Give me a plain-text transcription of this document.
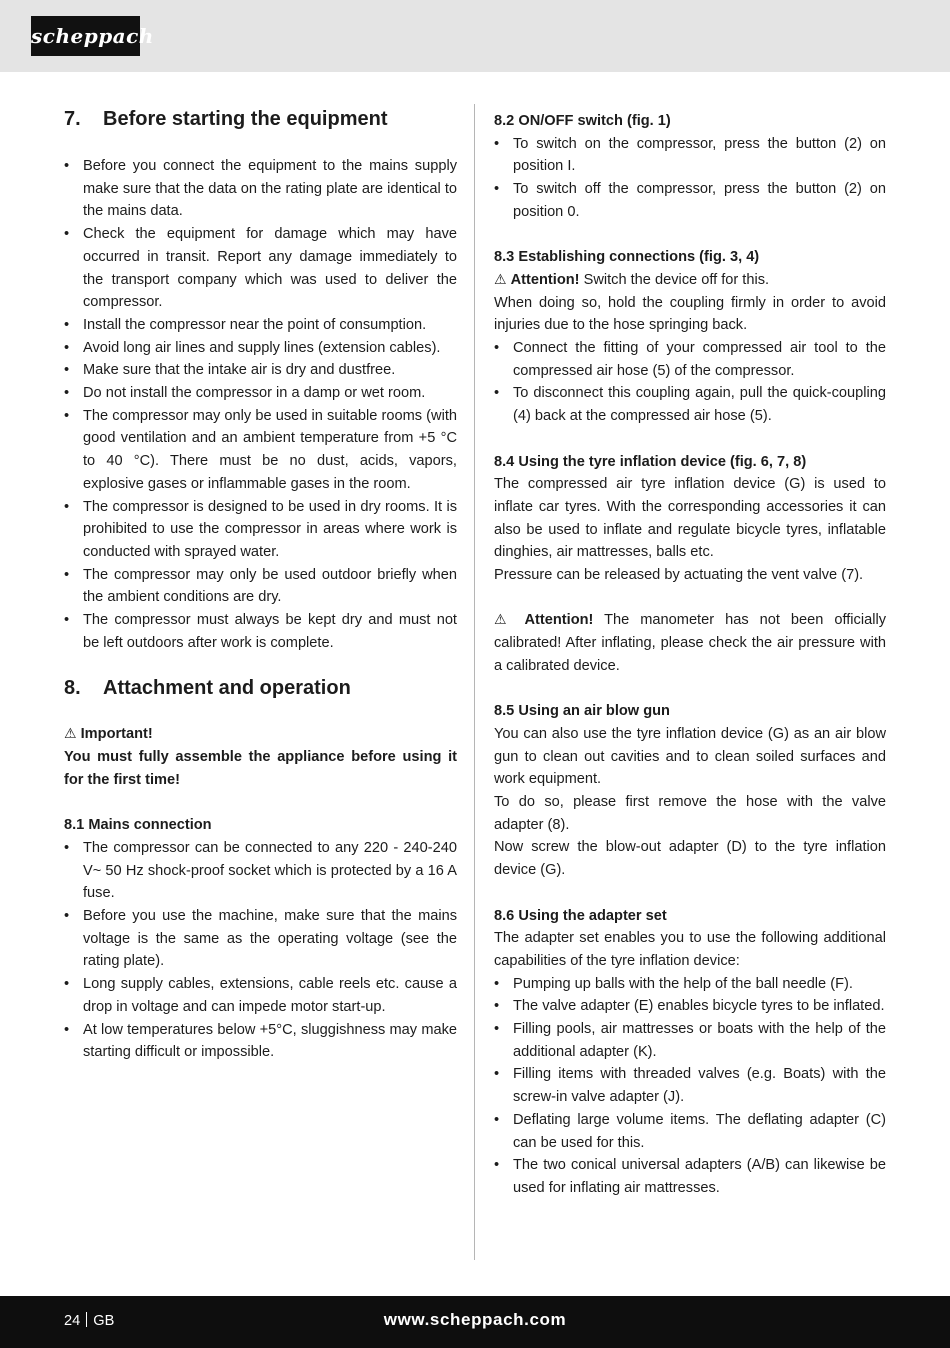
scheppach
7. Before starting the equipment
• Before you connect the equipment to the mains supply make sure that the data on the rating plate are identical to the mains data.
• Check the equipment for damage which may have occurred in transit. Report any damage immediately to the transport company which was used to deliver the compressor.
• Install the compressor near the point of consumption.
• Avoid long air lines and supply lines (extension cables).
• Make sure that the intake air is dry and dustfree.
• Do not install the compressor in a damp or wet room.
• The compressor may only be used in suitable rooms (with good ventilation and an ambient temperature from +5 °C to 40 °C). There must be no dust, acids, vapors, explosive gases or inflammable gases in the room.
• The compressor is designed to be used in dry rooms. It is prohibited to use the compressor in areas where work is conducted with sprayed water.
• The compressor may only be used outdoor briefly when the ambient conditions are dry.
• The compressor must always be kept dry and must not be left outdoors after work is complete.
8. Attachment and operation
⚠ Important!
You must fully assemble the appliance before using it for the first time!
8.1 Mains connection
• The compressor can be connected to any 220 - 240-240 V~ 50 Hz shock-proof socket which is protected by a 16 A fuse.
• Before you use the machine, make sure that the mains voltage is the same as the operating voltage (see the rating plate).
• Long supply cables, extensions, cable reels etc. cause a drop in voltage and can impede motor start-up.
• At low temperatures below +5°C, sluggishness may make starting difficult or impossible.
8.2 ON/OFF switch (fig. 1)
• To switch on the compressor, press the button (2) on position I.
• To switch off the compressor, press the button (2) on position 0.
8.3 Establishing connections (fig. 3, 4)
⚠ Attention! Switch the device off for this.
When doing so, hold the coupling firmly in order to avoid injuries due to the hose springing back.
• Connect the fitting of your compressed air tool to the compressed air hose (5) of the compressor.
• To disconnect this coupling again, pull the quick-coupling (4) back at the compressed air hose (5).
8.4 Using the tyre inflation device (fig. 6, 7, 8)
The compressed air tyre inflation device (G) is used to inflate car tyres. With the corresponding accessories it can also be used to inflate and regulate bicycle tyres, inflatable dinghies, air mattresses, balls etc.
Pressure can be released by actuating the vent valve (7).
⚠ Attention! The manometer has not been officially calibrated! After inflating, please check the air pressure with a calibrated device.
8.5 Using an air blow gun
You can also use the tyre inflation device (G) as an air blow gun to clean out cavities and to clean soiled surfaces and work equipment.
To do so, please first remove the hose with the valve adapter (8).
Now screw the blow-out adapter (D) to the tyre inflation device (G).
8.6 Using the adapter set
The adapter set enables you to use the following additional capabilities of the tyre inflation device:
• Pumping up balls with the help of the ball needle (F).
• The valve adapter (E) enables bicycle tyres to be inflated.
• Filling pools, air mattresses or boats with the help of the additional adapter (K).
• Filling items with threaded valves (e.g. Boats) with the screw-in valve adapter (J).
• Deflating large volume items. The deflating adapter (C) can be used for this.
• The two conical universal adapters (A/B) can likewise be used for inflating air mattresses.
24 GB	www.scheppach.com
